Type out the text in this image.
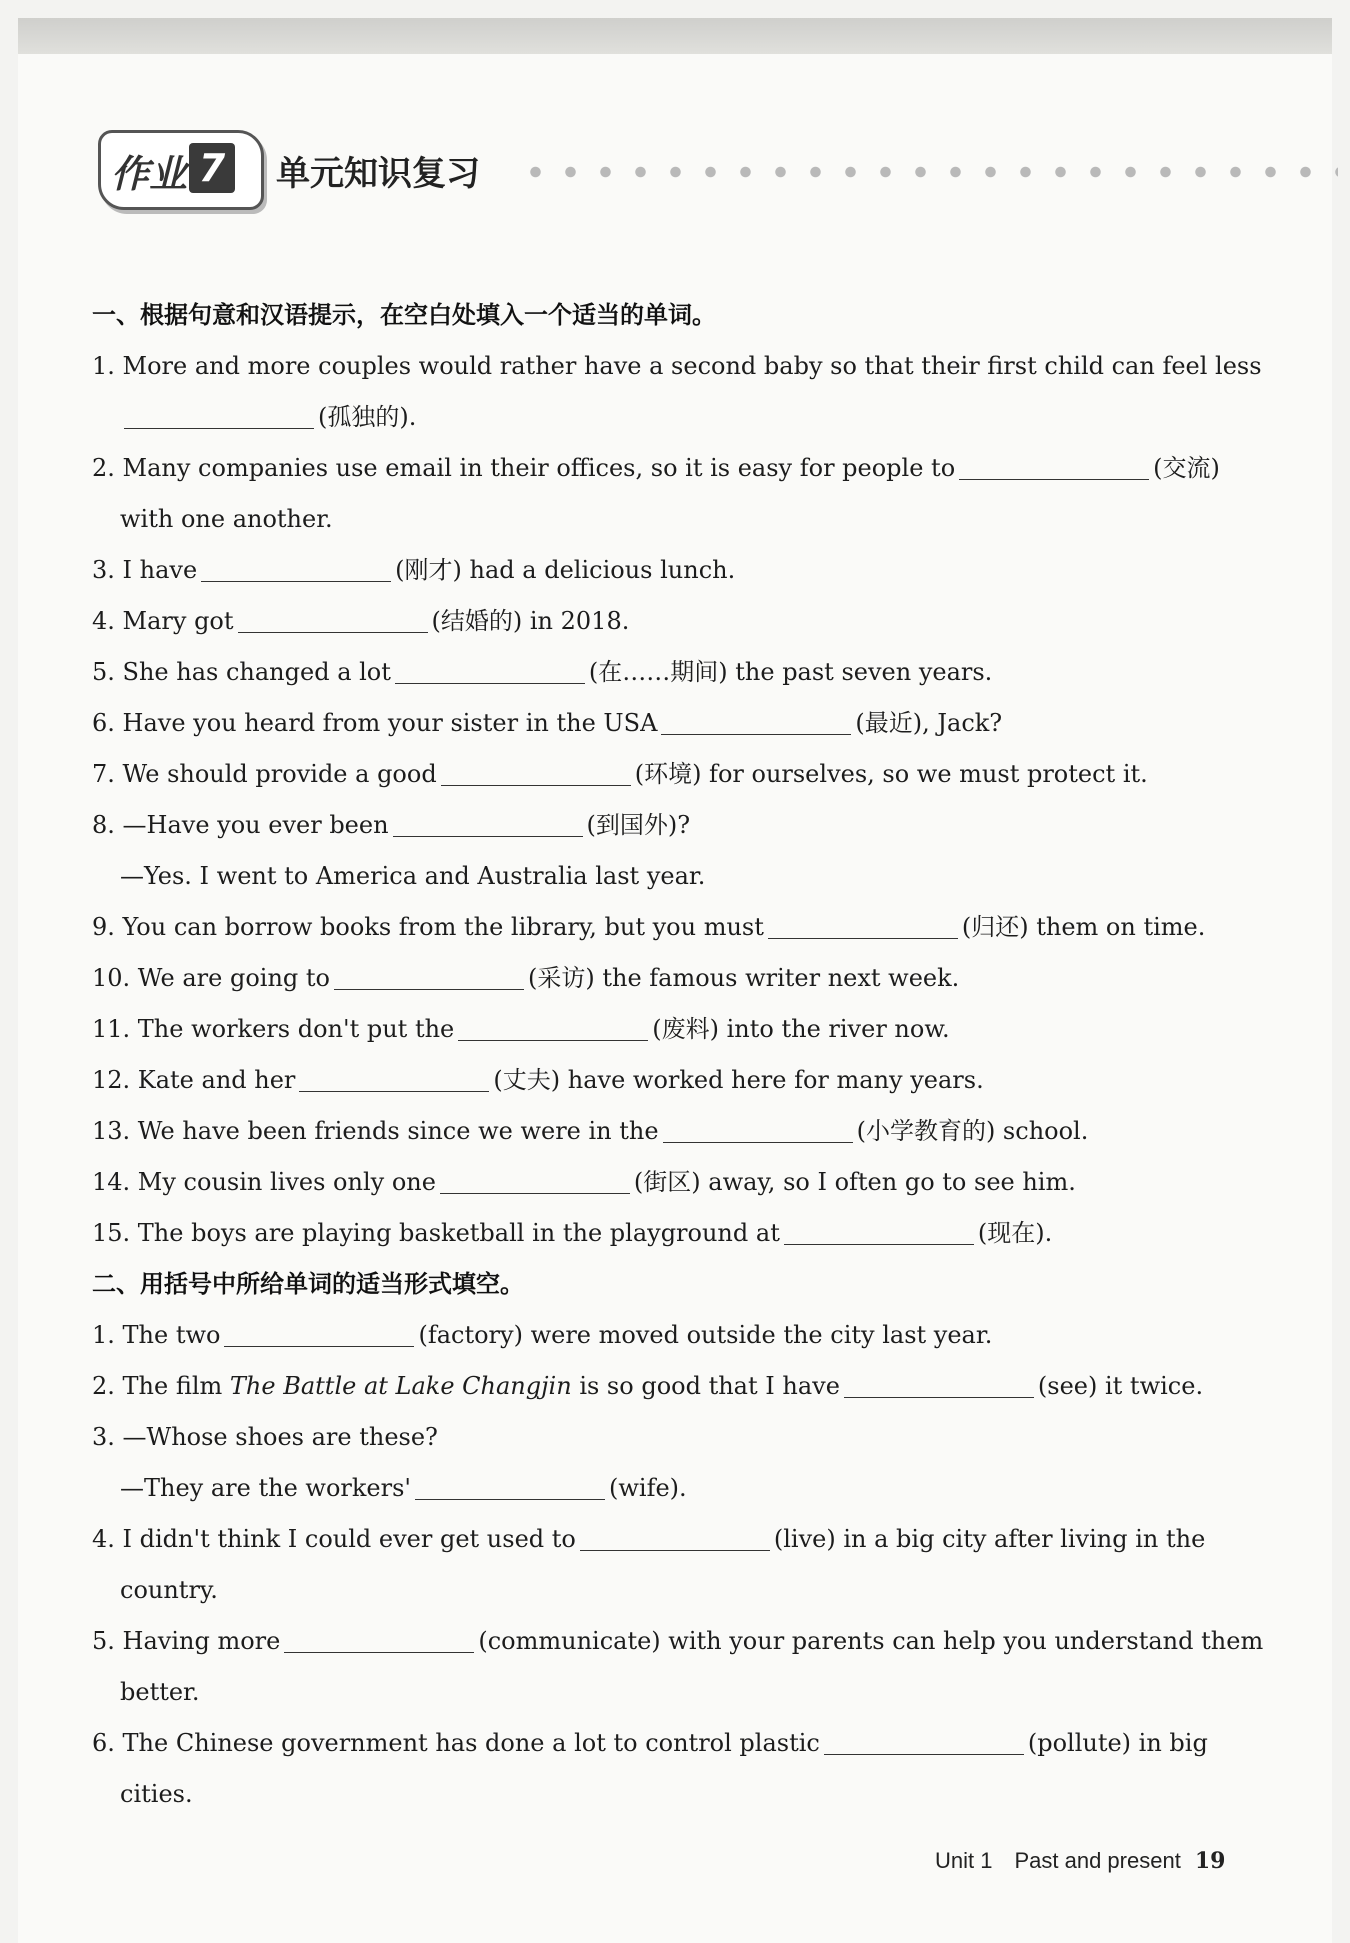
作业 7 单元知识复习
一、根据句意和汉语提示，在空白处填入一个适当的单词。
1. More and more couples would rather have a second baby so that their first child can feel less
(孤独的).
2. Many companies use email in their offices, so it is easy for people to	(交流)
with one another.
3. I have	(刚才) had a delicious lunch.
4. Mary got	(结婚的) in 2018.
5. She has changed a lot	(在……期间) the past seven years.
6. Have you heard from your sister in the USA	(最近), Jack?
7. We should provide a good	(环境) for ourselves, so we must protect it.
8. —Have you ever been	(到国外)?
—Yes. I went to America and Australia last year.
9. You can borrow books from the library, but you must	(归还) them on time.
10. We are going to	(采访) the famous writer next week.
11. The workers don't put the	(废料) into the river now.
12. Kate and her	(丈夫) have worked here for many years.
13. We have been friends since we were in the	(小学教育的) school.
14. My cousin lives only one	(街区) away, so I often go to see him.
15. The boys are playing basketball in the playground at	(现在).
二、用括号中所给单词的适当形式填空。
1. The two	(factory) were moved outside the city last year.
2. The film The Battle at Lake Changjin is so good that I have	(see) it twice.
3. —Whose shoes are these?
—They are the workers'	(wife).
4. I didn't think I could ever get used to	(live) in a big city after living in the
country.
5. Having more	(communicate) with your parents can help you understand them
better.
6. The Chinese government has done a lot to control plastic	(pollute) in big
cities.
Unit 1 Past and present 19
